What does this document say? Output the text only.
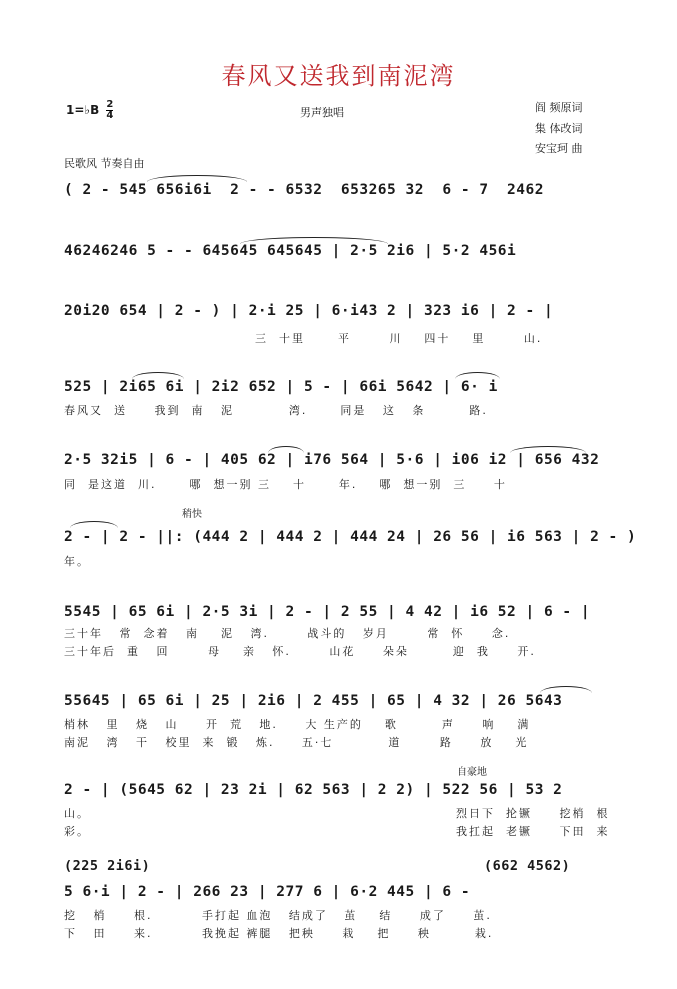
春风又送我到南泥湾
1=♭B $\frac{2}{4}$	男声独唱	阎 频原词
集 体改词
安宝珂 曲
民歌风 节奏自由
稍快
自豪地
( 2 - 545 656i6i  2 - - 6532  653265 32  6 - 7  2462
46246246 5 - - 645645 645645 | 2·5 2i6 | 5·2 456i
20i20 654 | 2 - ) | 2·i 25 | 6·i43 2 | 323 i6 | 2 - |
三  十里      平       川    四十    里       山.
525 | 2i65 6i | 2i2 652 | 5 - | 66i 5642 | 6· i
春风又  送     我到  南   泥          湾.      同是   这   条        路.
2·5 32i5 | 6 - | 405 62 | i76 564 | 5·6 | i06 i2 | 656 432
同  是这道  川.      哪  想一别 三    十      年.    哪  想一别  三     十
2 - | 2 - ||: (444 2 | 444 2 | 444 24 | 26 56 | i6 563 | 2 - )
年。
5545 | 65 6i | 2·5 3i | 2 - | 2 55 | 4 42 | i6 52 | 6 - |
三十年   常  念着   南    泥   湾.       战斗的   岁月       常  怀     念.
三十年后  重   回       母    亲   怀.       山花     朵朵        迎  我     开.
55645 | 65 6i | 25 | 2i6 | 2 455 | 65 | 4 32 | 26 5643
梢林   里   烧   山     开  荒   地.     大 生产的    歌        声     响    满
南泥   湾   干   校里  来  锻   炼.     五·七          道       路     放    光
2 - | (5645 62 | 23 2i | 62 563 | 2 2) | 522 56 | 53 2
山。
彩。
烈日下  抡镢     挖梢  根
我扛起  老镢     下田  来
(225 2i6i)	(662 4562)
5 6·i | 2 - | 266 23 | 277 6 | 6·2 445 | 6 -
挖   梢     根.         手打起 血泡   结成了   茧    结     成了     茧.
下   田     来.         我挽起 裤腿   把秧     栽    把     秧        栽.
